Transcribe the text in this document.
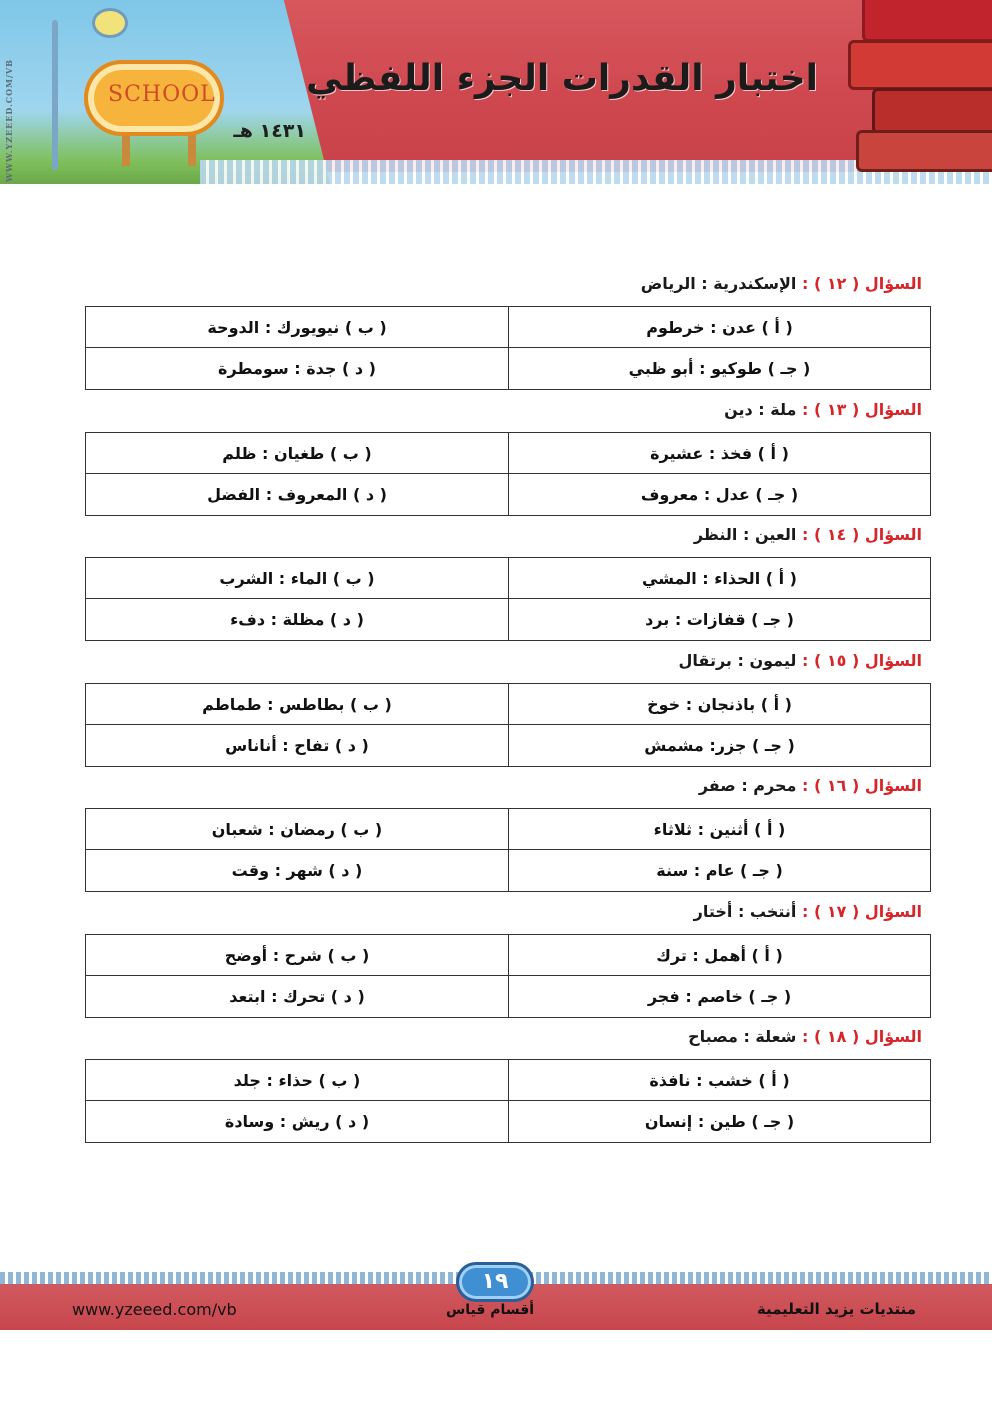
WWW.YZEEED.COM/VB	SCHOOL	اختبار القدرات الجزء اللفظي
١٤٣١ هـ
السؤال ( ١٢ ) : الإسكندرية : الرياض
( أ ) عدن : خرطوم
( ب ) نيويورك : الدوحة
( جـ ) طوكيو : أبو ظبي
( د ) جدة : سومطرة
السؤال ( ١٣ ) : ملة : دين
( أ ) فخذ : عشيرة
( ب ) طغيان : ظلم
( جـ ) عدل : معروف
( د ) المعروف : الفضل
السؤال ( ١٤ ) : العين : النظر
( أ ) الحذاء : المشي
( ب ) الماء : الشرب
( جـ ) قفازات : برد
( د ) مظلة : دفء
السؤال ( ١٥ ) : ليمون : برتقال
( أ ) باذنجان : خوخ
( ب ) بطاطس : طماطم
( جـ ) جزر: مشمش
( د ) تفاح : أناناس
السؤال ( ١٦ ) : محرم : صفر
( أ ) أثنين : ثلاثاء
( ب ) رمضان : شعبان
( جـ ) عام : سنة
( د ) شهر : وقت
السؤال ( ١٧ ) : أنتخب : أختار
( أ ) أهمل : ترك
( ب ) شرح : أوضح
( جـ ) خاصم : فجر
( د ) تحرك : ابتعد
السؤال ( ١٨ ) : شعلة : مصباح
( أ ) خشب : نافذة
( ب ) حذاء : جلد
( جـ ) طين : إنسان
( د ) ريش : وسادة
١٩
www.yzeeed.com/vb	أقسام قياس	منتديات يزيد التعليمية
